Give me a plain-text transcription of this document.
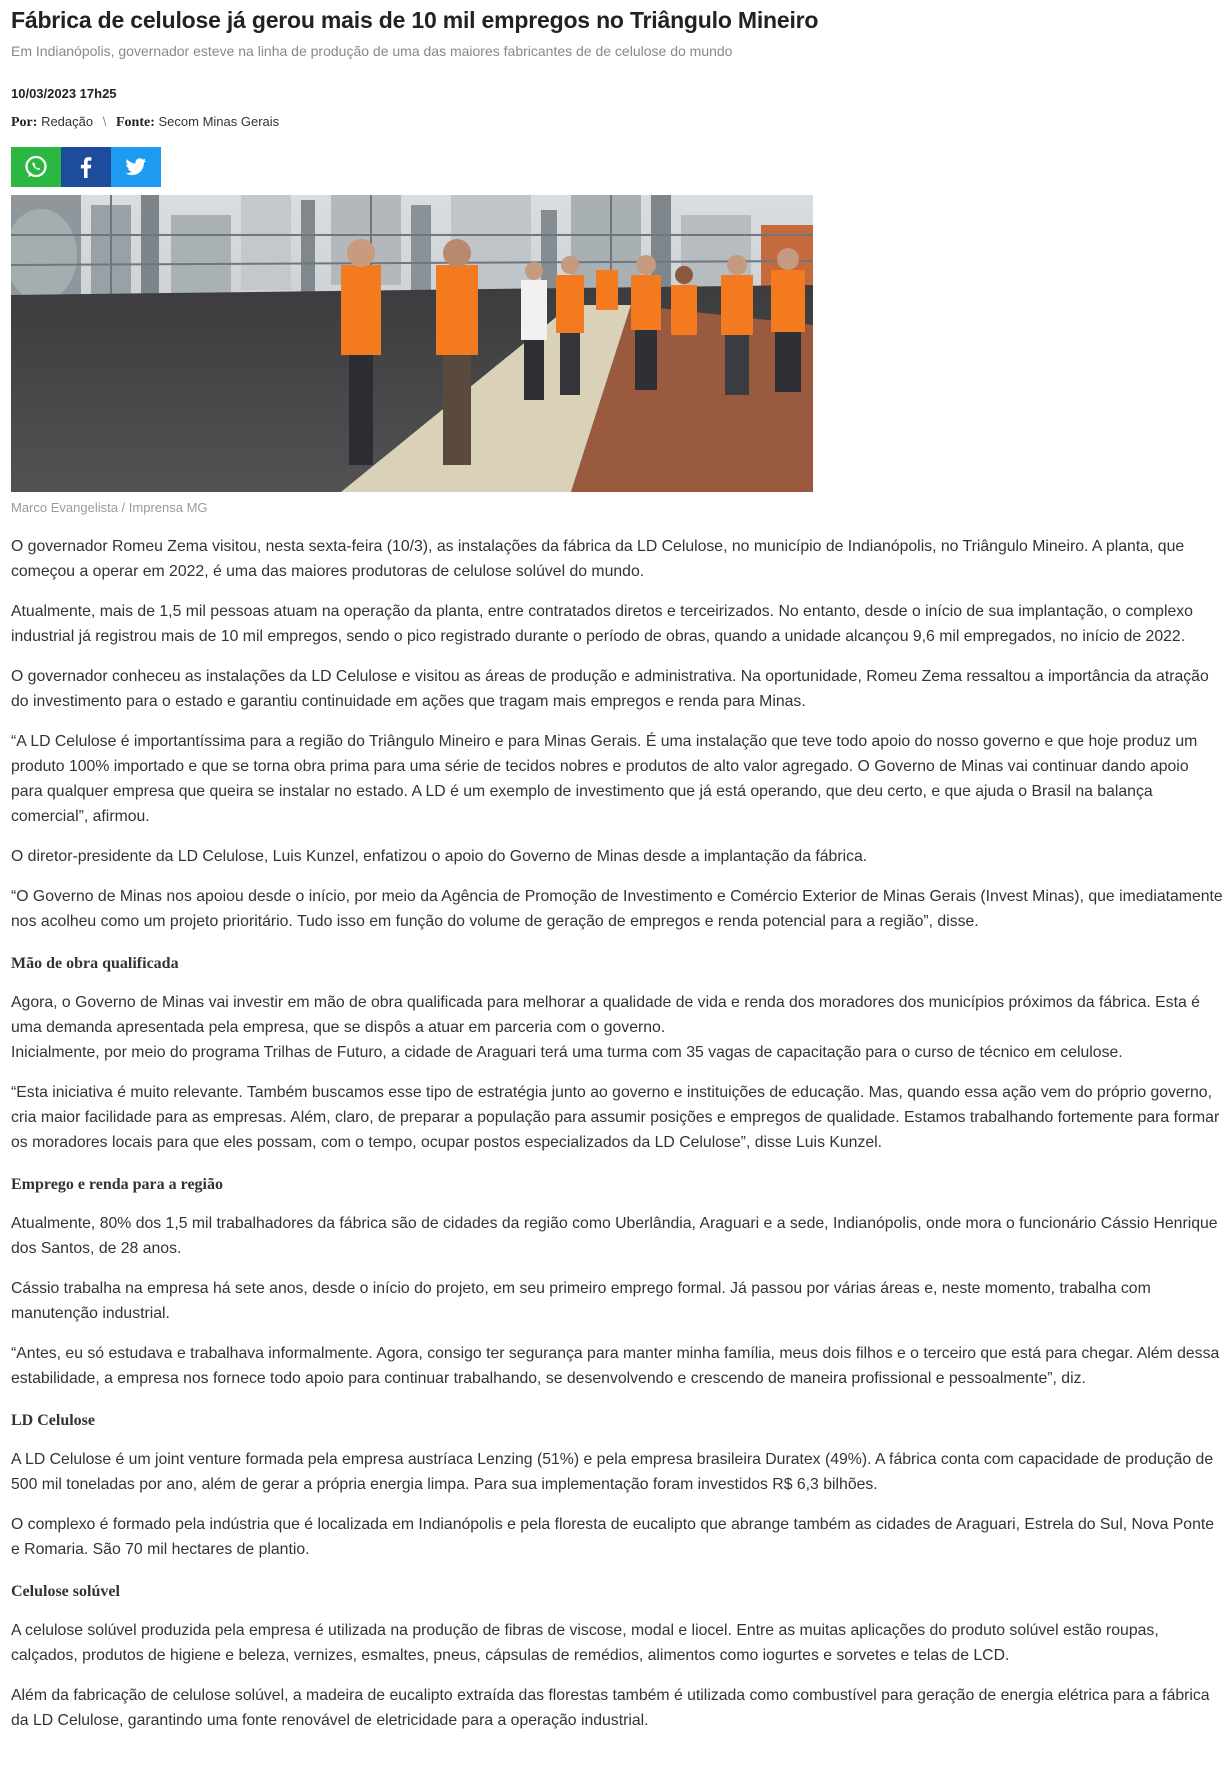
Fábrica de celulose já gerou mais de 10 mil empregos no Triângulo Mineiro
Em Indianópolis, governador esteve na linha de produção de uma das maiores fabricantes de de celulose do mundo
10/03/2023 17h25
Por: Redação \ Fonte: Secom Minas Gerais
Marco Evangelista / Imprensa MG

O governador Romeu Zema visitou, nesta sexta-feira (10/3), as instalações da fábrica da LD Celulose, no município de Indianópolis, no Triângulo Mineiro. A planta, que começou a operar em 2022, é uma das maiores produtoras de celulose solúvel do mundo.

Atualmente, mais de 1,5 mil pessoas atuam na operação da planta, entre contratados diretos e terceirizados. No entanto, desde o início de sua implantação, o complexo industrial já registrou mais de 10 mil empregos, sendo o pico registrado durante o período de obras, quando a unidade alcançou 9,6 mil empregados, no início de 2022.

O governador conheceu as instalações da LD Celulose e visitou as áreas de produção e administrativa. Na oportunidade, Romeu Zema ressaltou a importância da atração do investimento para o estado e garantiu continuidade em ações que tragam mais empregos e renda para Minas.

“A LD Celulose é importantíssima para a região do Triângulo Mineiro e para Minas Gerais. É uma instalação que teve todo apoio do nosso governo e que hoje produz um produto 100% importado e que se torna obra prima para uma série de tecidos nobres e produtos de alto valor agregado. O Governo de Minas vai continuar dando apoio para qualquer empresa que queira se instalar no estado. A LD é um exemplo de investimento que já está operando, que deu certo, e que ajuda o Brasil na balança comercial”, afirmou.

O diretor-presidente da LD Celulose, Luis Kunzel, enfatizou o apoio do Governo de Minas desde a implantação da fábrica.

“O Governo de Minas nos apoiou desde o início, por meio da Agência de Promoção de Investimento e Comércio Exterior de Minas Gerais (Invest Minas), que imediatamente nos acolheu como um projeto prioritário. Tudo isso em função do volume de geração de empregos e renda potencial para a região”, disse.

Mão de obra qualificada

Agora, o Governo de Minas vai investir em mão de obra qualificada para melhorar a qualidade de vida e renda dos moradores dos municípios próximos da fábrica. Esta é uma demanda apresentada pela empresa, que se dispôs a atuar em parceria com o governo.

Inicialmente, por meio do programa Trilhas de Futuro, a cidade de Araguari terá uma turma com 35 vagas de capacitação para o curso de técnico em celulose.

“Esta iniciativa é muito relevante. Também buscamos esse tipo de estratégia junto ao governo e instituições de educação. Mas, quando essa ação vem do próprio governo, cria maior facilidade para as empresas. Além, claro, de preparar a população para assumir posições e empregos de qualidade. Estamos trabalhando fortemente para formar os moradores locais para que eles possam, com o tempo, ocupar postos especializados da LD Celulose”, disse Luis Kunzel.

Emprego e renda para a região

Atualmente, 80% dos 1,5 mil trabalhadores da fábrica são de cidades da região como Uberlândia, Araguari e a sede, Indianópolis, onde mora o funcionário Cássio Henrique dos Santos, de 28 anos.

Cássio trabalha na empresa há sete anos, desde o início do projeto, em seu primeiro emprego formal. Já passou por várias áreas e, neste momento, trabalha com manutenção industrial.

“Antes, eu só estudava e trabalhava informalmente. Agora, consigo ter segurança para manter minha família, meus dois filhos e o terceiro que está para chegar. Além dessa estabilidade, a empresa nos fornece todo apoio para continuar trabalhando, se desenvolvendo e crescendo de maneira profissional e pessoalmente”, diz.

LD Celulose

A LD Celulose é um joint venture formada pela empresa austríaca Lenzing (51%) e pela empresa brasileira Duratex (49%). A fábrica conta com capacidade de produção de 500 mil toneladas por ano, além de gerar a própria energia limpa. Para sua implementação foram investidos R$ 6,3 bilhões.

O complexo é formado pela indústria que é localizada em Indianópolis e pela floresta de eucalipto que abrange também as cidades de Araguari, Estrela do Sul, Nova Ponte e Romaria. São 70 mil hectares de plantio.

Celulose solúvel

A celulose solúvel produzida pela empresa é utilizada na produção de fibras de viscose, modal e liocel. Entre as muitas aplicações do produto solúvel estão roupas, calçados, produtos de higiene e beleza, vernizes, esmaltes, pneus, cápsulas de remédios, alimentos como iogurtes e sorvetes e telas de LCD.

Além da fabricação de celulose solúvel, a madeira de eucalipto extraída das florestas também é utilizada como combustível para geração de energia elétrica para a fábrica da LD Celulose, garantindo uma fonte renovável de eletricidade para a operação industrial.
